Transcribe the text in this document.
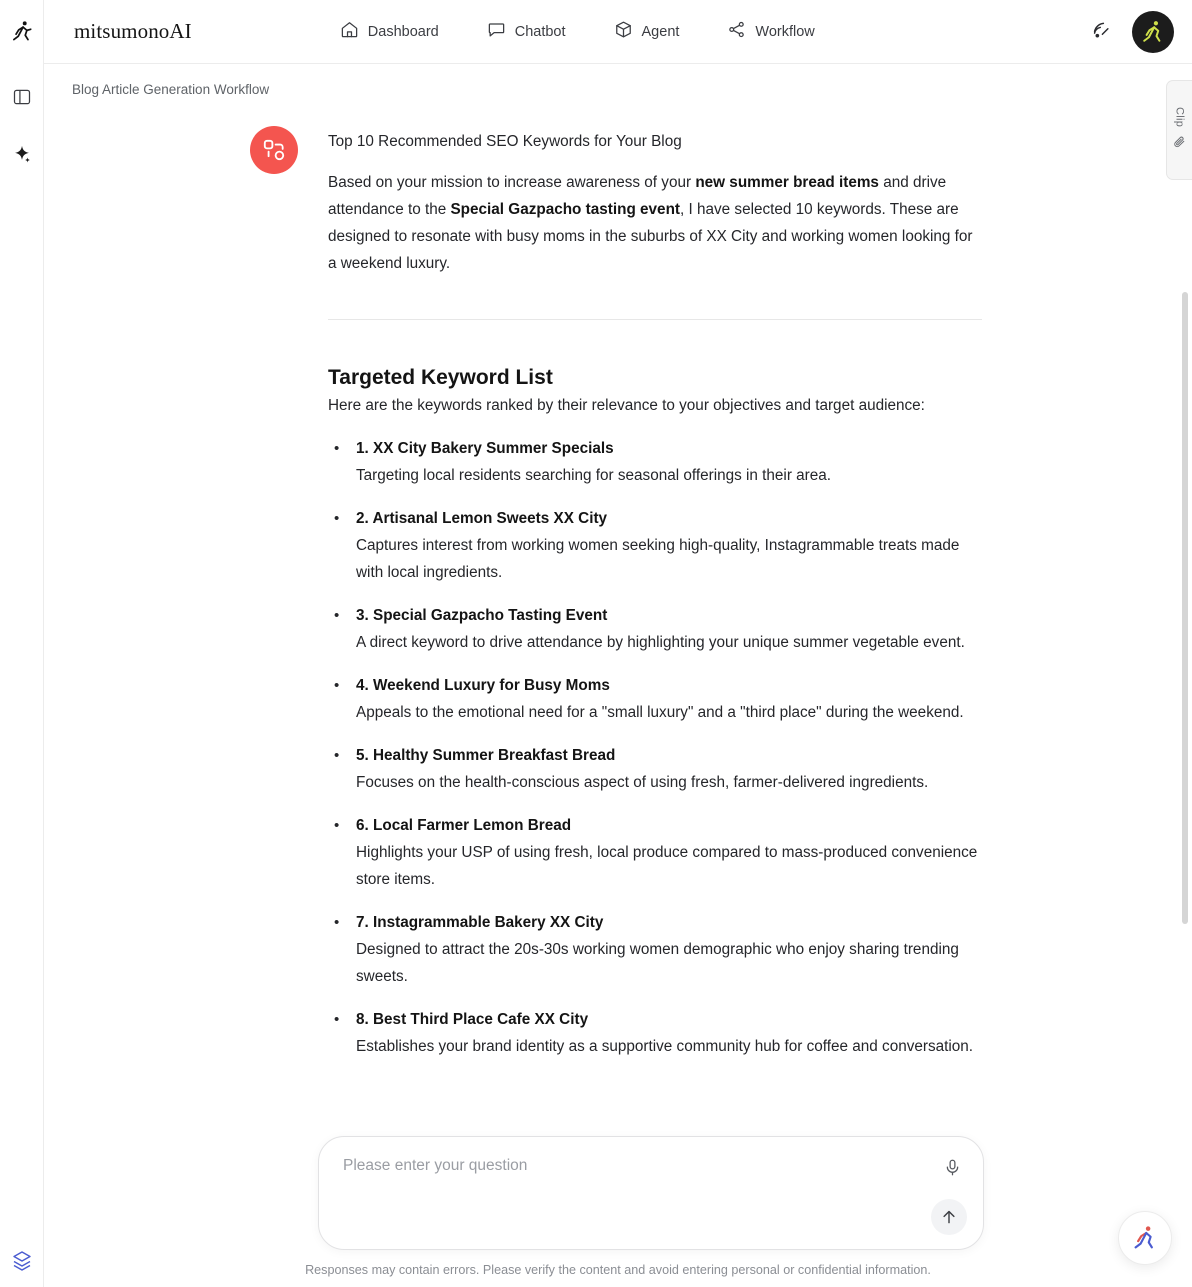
mitsumonoAI	Dashboard	Chatbot	Agent	Workflow
Blog Article Generation Workflow

Top 10 Recommended SEO Keywords for Your Blog

Based on your mission to increase awareness of your new summer bread items and drive attendance to the Special Gazpacho tasting event, I have selected 10 keywords. These are designed to resonate with busy moms in the suburbs of XX City and working women looking for a weekend luxury.

Targeted Keyword List

Here are the keywords ranked by their relevance to your objectives and target audience:

• 1. XX City Bakery Summer Specials
Targeting local residents searching for seasonal offerings in their area.
• 2. Artisanal Lemon Sweets XX City
Captures interest from working women seeking high-quality, Instagrammable treats made with local ingredients.
• 3. Special Gazpacho Tasting Event
A direct keyword to drive attendance by highlighting your unique summer vegetable event.
• 4. Weekend Luxury for Busy Moms
Appeals to the emotional need for a "small luxury" and a "third place" during the weekend.
• 5. Healthy Summer Breakfast Bread
Focuses on the health-conscious aspect of using fresh, farmer-delivered ingredients.
• 6. Local Farmer Lemon Bread
Highlights your USP of using fresh, local produce compared to mass-produced convenience store items.
• 7. Instagrammable Bakery XX City
Designed to attract the 20s-30s working women demographic who enjoy sharing trending sweets.
• 8. Best Third Place Cafe XX City
Establishes your brand identity as a supportive community hub for coffee and conversation.
Clip
Please enter your question
Responses may contain errors. Please verify the content and avoid entering personal or confidential information.
